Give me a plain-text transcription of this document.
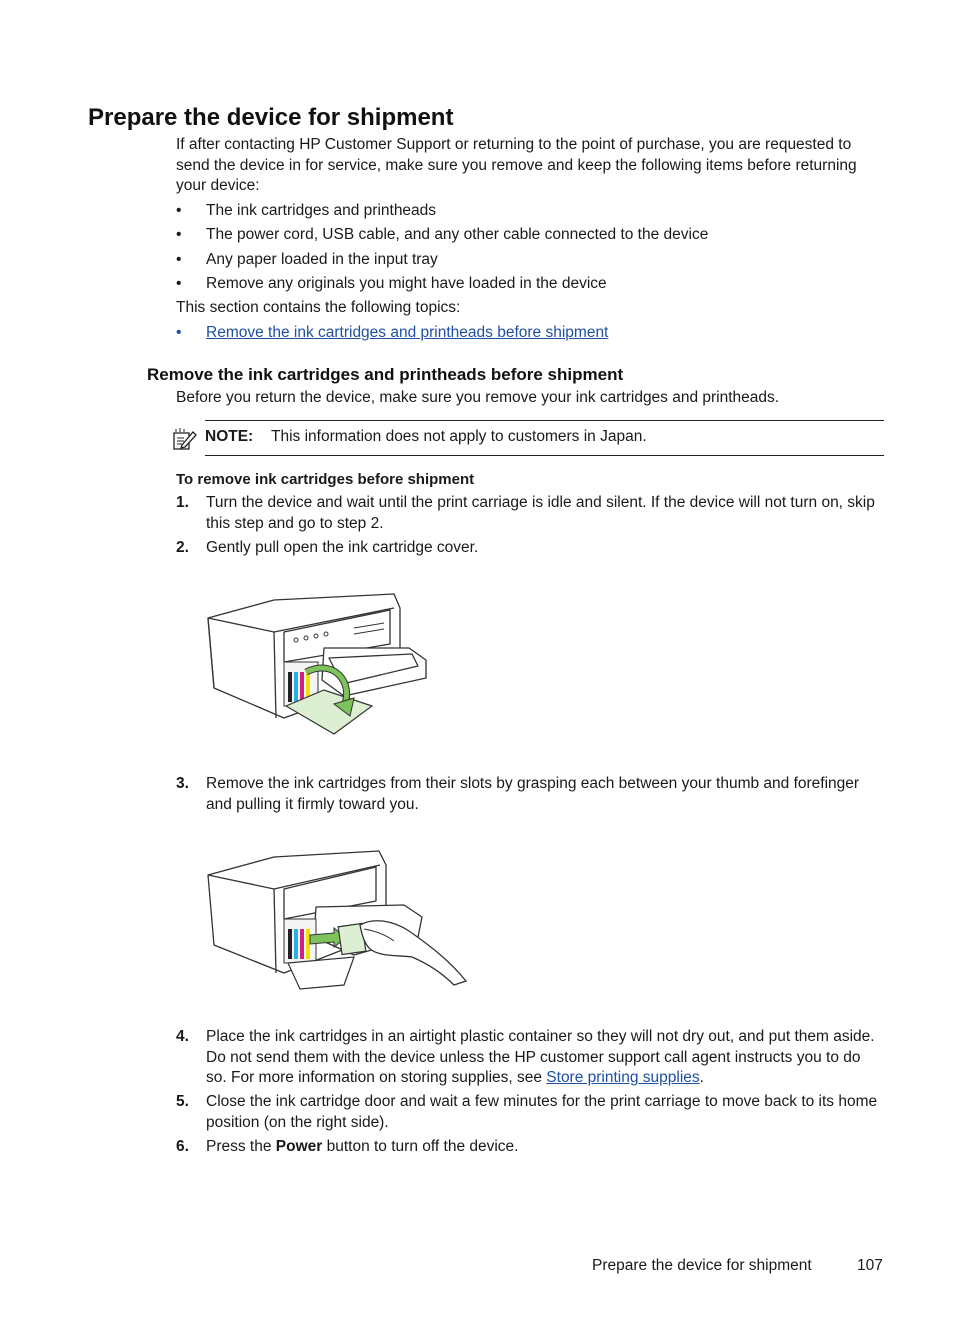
Prepare the device for shipment

If after contacting HP Customer Support or returning to the point of purchase, you are requested to send the device in for service, make sure you remove and keep the following items before returning your device:

• The ink cartridges and printheads
• The power cord, USB cable, and any other cable connected to the device
• Any paper loaded in the input tray
• Remove any originals you might have loaded in the device

This section contains the following topics:

• Remove the ink cartridges and printheads before shipment
Remove the ink cartridges and printheads before shipment

Before you return the device, make sure you remove your ink cartridges and printheads.

NOTE: This information does not apply to customers in Japan.
To remove ink cartridges before shipment
1. Turn the device and wait until the print carriage is idle and silent. If the device will not turn on, skip this step and go to step 2.
2. Gently pull open the ink cartridge cover.
3. Remove the ink cartridges from their slots by grasping each between your thumb and forefinger and pulling it firmly toward you.
4. Place the ink cartridges in an airtight plastic container so they will not dry out, and put them aside. Do not send them with the device unless the HP customer support call agent instructs you to do so. For more information on storing supplies, see Store printing supplies.
5. Close the ink cartridge door and wait a few minutes for the print carriage to move back to its home position (on the right side).
6. Press the Power button to turn off the device.
Prepare the device for shipment	107
